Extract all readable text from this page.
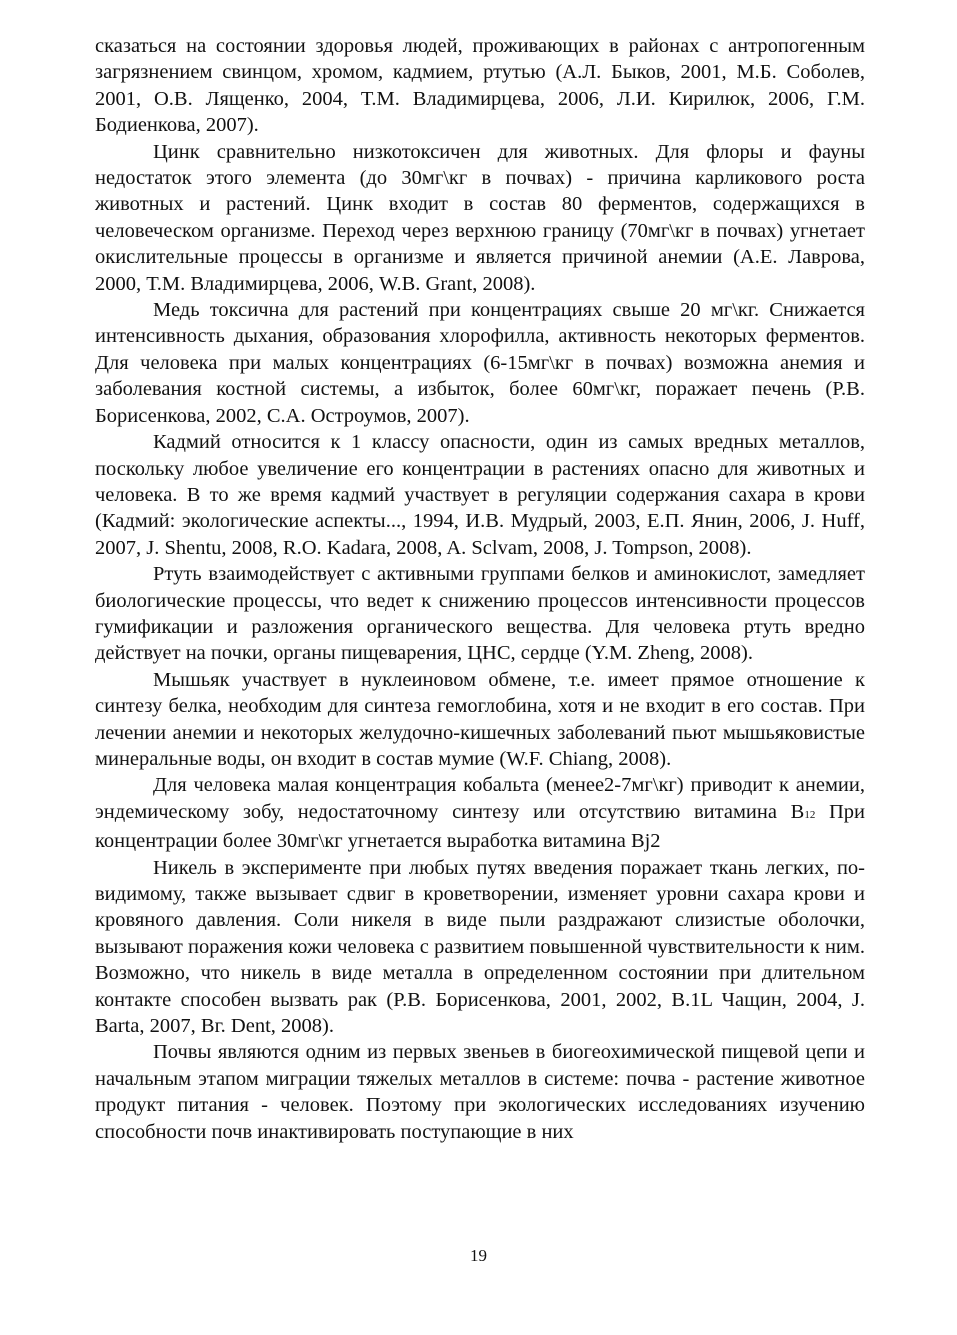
сказаться на состоянии здоровья людей, проживающих в районах с антропогенным загрязнением свинцом, хромом, кадмием, ртутью (А.Л. Быков, 2001, М.Б. Соболев, 2001, О.В. Лященко, 2004, Т.М. Владимирцева, 2006, Л.И. Кирилюк, 2006, Г.М. Бодиенкова, 2007).

Цинк сравнительно низкотоксичен для животных. Для флоры и фауны недостаток этого элемента (до 30мг\кг в почвах) - причина карликового роста животных и растений. Цинк входит в состав 80 ферментов, содержащихся в человеческом организме. Переход через верхнюю границу (70мг\кг в почвах) угнетает окислительные процессы в организме и является причиной анемии (А.Е. Лаврова, 2000, Т.М. Владимирцева, 2006, W.B. Grant, 2008).

Медь токсична для растений при концентрациях свыше 20 мг\кг. Снижается интенсивность дыхания, образования хлорофилла, активность некоторых ферментов. Для человека при малых концентрациях (6-15мг\кг в почвах) возможна анемия и заболевания костной системы, а избыток, более 60мг\кг, поражает печень (Р.В. Борисенкова, 2002, С.А. Остроумов, 2007).

Кадмий относится к 1 классу опасности, один из самых вредных металлов, поскольку любое увеличение его концентрации в растениях опасно для животных и человека. В то же время кадмий участвует в регуляции содержания сахара в крови (Кадмий: экологические аспекты..., 1994, И.В. Мудрый, 2003, Е.П. Янин, 2006, J. Huff, 2007, J. Shentu, 2008, R.O. Kadara, 2008, A. Sclvam, 2008, J. Tompson, 2008).

Ртуть взаимодействует с активными группами белков и аминокислот, замедляет биологические процессы, что ведет к снижению процессов интенсивности процессов гумификации и разложения органического вещества. Для человека ртуть вредно действует на почки, органы пищеварения, ЦНС, сердце (Y.M. Zheng, 2008).

Мышьяк участвует в нуклеиновом обмене, т.е. имеет прямое отношение к синтезу белка, необходим для синтеза гемоглобина, хотя и не входит в его состав. При лечении анемии и некоторых желудочно-кишечных заболеваний пьют мышьяковистые минеральные воды, он входит в состав мумие (W.F. Chiang, 2008).

Для человека малая концентрация кобальта (менее2-7мг\кг) приводит к анемии, эндемическому зобу, недостаточному синтезу или отсутствию витамина В12 При концентрации более 30мг\кг угнетается выработка витамина Bj2

Никель в эксперименте при любых путях введения поражает ткань легких, по-видимому, также вызывает сдвиг в кроветворении, изменяет уровни сахара крови и кровяного давления. Соли никеля в виде пыли раздражают слизистые оболочки, вызывают поражения кожи человека с развитием повышенной чувствительности к ним. Возможно, что никель в виде металла в определенном состоянии при длительном контакте способен вызвать рак (Р.В. Борисенкова, 2001, 2002, B.1L Чащин, 2004, J. Barta, 2007, Вг. Dent, 2008).

Почвы являются одним из первых звеньев в биогеохимической пищевой цепи и начальным этапом миграции тяжелых металлов в системе: почва - растение животное продукт питания - человек. Поэтому при экологических исследованиях изучению способности почв инактивировать поступающие в них

19
